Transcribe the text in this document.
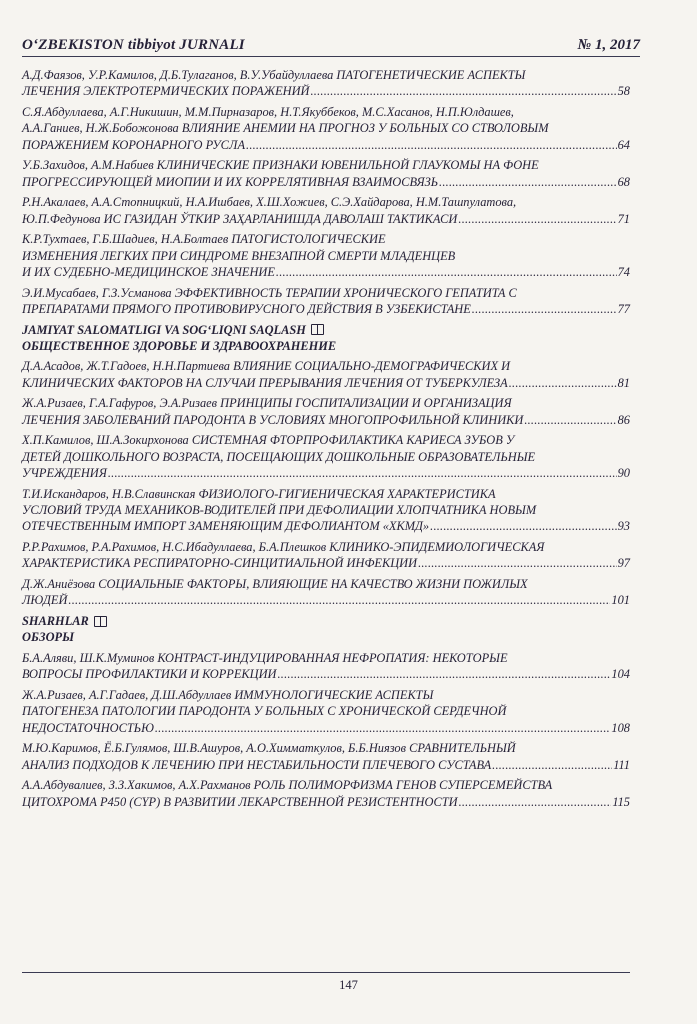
O‘ZBEKISTON tibbiyot JURNALI	№ 1, 2017
А.Д.Фаязов, У.Р.Камилов, Д.Б.Тулаганов, В.У.Убайдуллаева ПАТОГЕНЕТИЧЕСКИЕ АСПЕКТЫ
ЛЕЧЕНИЯ ЭЛЕКТРОТЕРМИЧЕСКИХ ПОРАЖЕНИЙ .....	58
С.Я.Абдуллаева, А.Г.Никишин, М.М.Пирназаров, Н.Т.Якуббеков, М.С.Хасанов, Н.П.Юлдашев,
А.А.Ганиев, Н.Ж.Бобожонова ВЛИЯНИЕ АНЕМИИ НА ПРОГНОЗ У БОЛЬНЫХ СО СТВОЛОВЫМ
ПОРАЖЕНИЕМ КОРОНАРНОГО РУСЛА .....	64
У.Б.Захидов, А.М.Набиев КЛИНИЧЕСКИЕ ПРИЗНАКИ ЮВЕНИЛЬНОЙ ГЛАУКОМЫ НА ФОНЕ
ПРОГРЕССИРУЮЩЕЙ МИОПИИ И ИХ КОРРЕЛЯТИВНАЯ ВЗАИМОСВЯЗЬ .....	68
Р.Н.Акалаев, А.А.Стопницкий, Н.А.Ишбаев, Х.Ш.Хожиев, С.Э.Хайдарова, Н.М.Ташпулатова,
Ю.П.Федунова ИС ГАЗИДАН ЎТКИР ЗАҲАРЛАНИШДА ДАВОЛАШ ТАКТИКАСИ .....	71
К.Р.Тухтаев, Г.Б.Шадиев, Н.А.Болтаев ПАТОГИСТОЛОГИЧЕСКИЕ
ИЗМЕНЕНИЯ ЛЕГКИХ ПРИ СИНДРОМЕ ВНЕЗАПНОЙ СМЕРТИ МЛАДЕНЦЕВ
И ИХ СУДЕБНО-МЕДИЦИНСКОЕ ЗНАЧЕНИЕ .....	74
Э.И.Мусабаев, Г.З.Усманова ЭФФЕКТИВНОСТЬ ТЕРАПИИ ХРОНИЧЕСКОГО ГЕПАТИТА С
ПРЕПАРАТАМИ ПРЯМОГО ПРОТИВОВИРУСНОГО ДЕЙСТВИЯ В УЗБЕКИСТАНЕ .....	77
JAMIYAT SALOMATLIGI VA SOG‘LIQNI SAQLASH
ОБЩЕСТВЕННОЕ ЗДОРОВЬЕ И ЗДРАВООХРАНЕНИЕ
Д.А.Асадов, Ж.Т.Гадоев, Н.Н.Партиева ВЛИЯНИЕ СОЦИАЛЬНО-ДЕМОГРАФИЧЕСКИХ И
КЛИНИЧЕСКИХ ФАКТОРОВ НА СЛУЧАИ ПРЕРЫВАНИЯ ЛЕЧЕНИЯ ОТ ТУБЕРКУЛЕЗА .....	81
Ж.А.Ризаев, Г.А.Гафуров, Э.А.Ризаев ПРИНЦИПЫ ГОСПИТАЛИЗАЦИИ И ОРГАНИЗАЦИЯ
ЛЕЧЕНИЯ ЗАБОЛЕВАНИЙ ПАРОДОНТА В УСЛОВИЯХ МНОГОПРОФИЛЬНОЙ КЛИНИКИ .....	86
Х.П.Камилов, Ш.А.Зокирхонова СИСТЕМНАЯ ФТОРПРОФИЛАКТИКА КАРИЕСА ЗУБОВ У
ДЕТЕЙ ДОШКОЛЬНОГО ВОЗРАСТА, ПОСЕЩАЮЩИХ ДОШКОЛЬНЫЕ ОБРАЗОВАТЕЛЬНЫЕ
УЧРЕЖДЕНИЯ .....	90
Т.И.Искандаров, Н.В.Славинская ФИЗИОЛОГО-ГИГИЕНИЧЕСКАЯ ХАРАКТЕРИСТИКА
УСЛОВИЙ ТРУДА МЕХАНИКОВ-ВОДИТЕЛЕЙ ПРИ ДЕФОЛИАЦИИ ХЛОПЧАТНИКА НОВЫМ
ОТЕЧЕСТВЕННЫМ ИМПОРТ ЗАМЕНЯЮЩИМ ДЕФОЛИАНТОМ «ХКМД» .....	93
Р.Р.Рахимов, Р.А.Рахимов, Н.С.Ибадуллаева, Б.А.Плешков КЛИНИКО-ЭПИДЕМИОЛОГИЧЕСКАЯ
ХАРАКТЕРИСТИКА РЕСПИРАТОРНО-СИНЦИТИАЛЬНОЙ ИНФЕКЦИИ .....	97
Д.Ж.Аниёзова СОЦИАЛЬНЫЕ ФАКТОРЫ, ВЛИЯЮЩИЕ НА КАЧЕСТВО ЖИЗНИ ПОЖИЛЫХ
ЛЮДЕЙ .....	101
SHARHLAR
ОБЗОРЫ
Б.А.Аляви, Ш.К.Муминов КОНТРАСТ-ИНДУЦИРОВАННАЯ НЕФРОПАТИЯ: НЕКОТОРЫЕ
ВОПРОСЫ ПРОФИЛАКТИКИ И КОРРЕКЦИИ .....	104
Ж.А.Ризаев, А.Г.Гадаев, Д.Ш.Абдуллаев ИММУНОЛОГИЧЕСКИЕ АСПЕКТЫ
ПАТОГЕНЕЗА ПАТОЛОГИИ ПАРОДОНТА У БОЛЬНЫХ С ХРОНИЧЕСКОЙ СЕРДЕЧНОЙ
НЕДОСТАТОЧНОСТЬЮ .....	108
М.Ю.Каримов, Ё.Б.Гулямов, Ш.В.Ашуров, А.О.Химматкулов, Б.Б.Ниязов СРАВНИТЕЛЬНЫЙ
АНАЛИЗ ПОДХОДОВ К ЛЕЧЕНИЮ ПРИ НЕСТАБИЛЬНОСТИ ПЛЕЧЕВОГО СУСТАВА .....	111
А.А.Абдувалиев, З.З.Хакимов, А.Х.Рахманов РОЛЬ ПОЛИМОРФИЗМА ГЕНОВ СУПЕРСЕМЕЙСТВА
ЦИТОХРОМА Р450 (CYP) В РАЗВИТИИ ЛЕКАРСТВЕННОЙ РЕЗИСТЕНТНОСТИ .....	115
147
